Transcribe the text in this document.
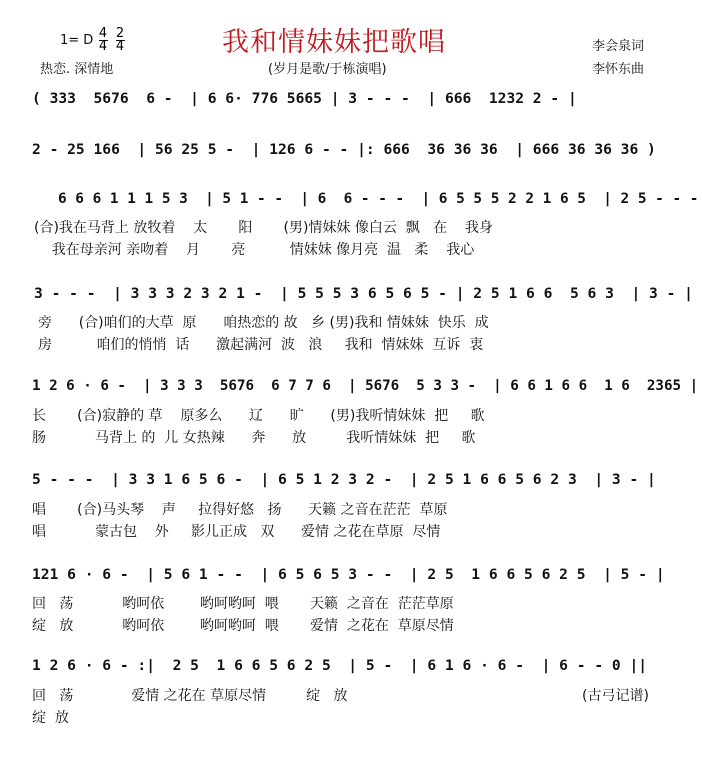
我和情妹妹把歌唱
1= D 4
4
2
4
热恋. 深情地	(岁月是歌/于栋演唱)
李会泉词
李怀东曲
( 333  5676  6 -  | 6 6· 776 5665 | 3 - - -  | 666  1232 2 - |
2 - 25 166  | 56 25 5 -  | 126 6 - - |: 666  36 36 36  | 666 36 36 36 )
6 6 6 1 1 1 5 3  | 5 1 - -  | 6  6 - - -  | 6 5 5 5 2 2 1 6 5  | 2 5 - - -
(合)我在马背上 放牧着    太       阳       (男)情妹妹 像白云  飘   在    我身
我在母亲河 亲吻着    月       亮          情妹妹 像月亮  温   柔    我心
3 - - -  | 3 3 3 2 3 2 1 -  | 5 5 5 3 6 5 6 5 - | 2 5 1 6 6  5 6 3  | 3 - |
旁      (合)咱们的大草  原      咱热恋的 故   乡 (男)我和 情妹妹  快乐  成
房          咱们的悄悄  话      激起满河  波   浪     我和  情妹妹  互诉  衷
1 2 6 · 6 -  | 3 3 3  5676  6 7 7 6  | 5676  5 3 3 -  | 6 6 1 6 6  1 6  2365 |
长       (合)寂静的 草    原多么      辽      旷      (男)我听情妹妹  把     歌
肠           马背上 的  儿 女热辣      奔      放         我听情妹妹  把     歌
5 - - -  | 3 3 1 6 5 6 -  | 6 5 1 2 3 2 -  | 2 5 1 6 6 5 6 2 3  | 3 - |
唱       (合)马头琴    声     拉得好悠   扬      天籁 之音在茫茫  草原
唱           蒙古包    外     影儿正成   双      爱情 之花在草原  尽情
121 6 · 6 -  | 5 6 1 - -  | 6 5 6 5 3 - -  | 2 5  1 6 6 5 6 2 5  | 5 - |
回   荡           哟呵依        哟呵哟呵  喂       天籁  之音在  茫茫草原
绽   放           哟呵依        哟呵哟呵  喂       爱情  之花在  草原尽情
1 2 6 · 6 - :|  2 5  1 6 6 5 6 2 5  | 5 -  | 6 1 6 · 6 -  | 6 - - 0 ||
回   荡             爱情 之花在 草原尽情         绽   放
绽  放
(古弓记谱)
